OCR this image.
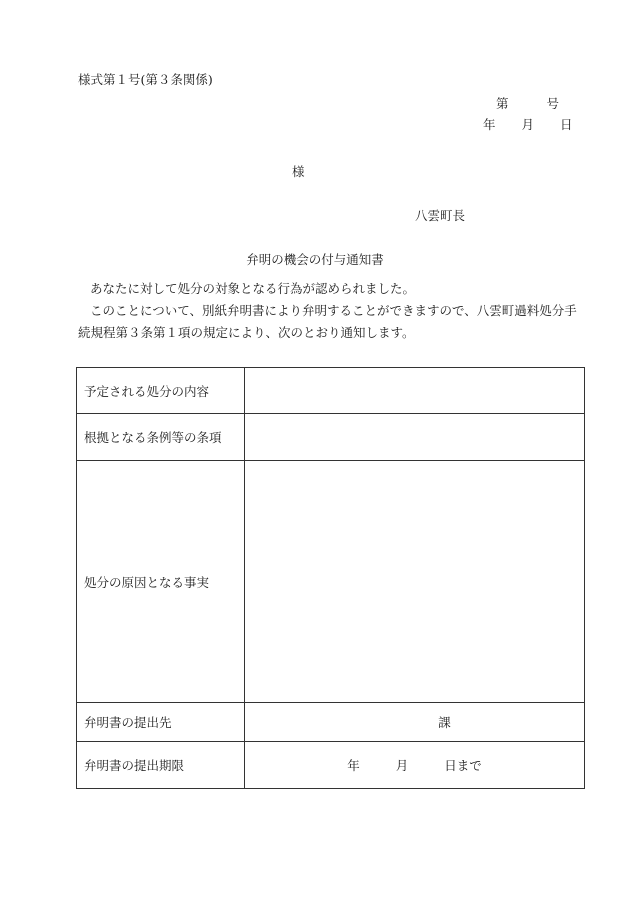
様式第１号(第３条関係)
第	号
年 月 日
様
八雲町長
弁明の機会の付与通知書
あなたに対して処分の対象となる行為が認められました。
このことについて、別紙弁明書により弁明することができますので、八雲町過料処分手続規程第３条第１項の規定により、次のとおり通知します。
予定される処分の内容	
根拠となる条例等の条項	
処分の原因となる事実	
弁明書の提出先	課
弁明書の提出期限	年 月 日まで
